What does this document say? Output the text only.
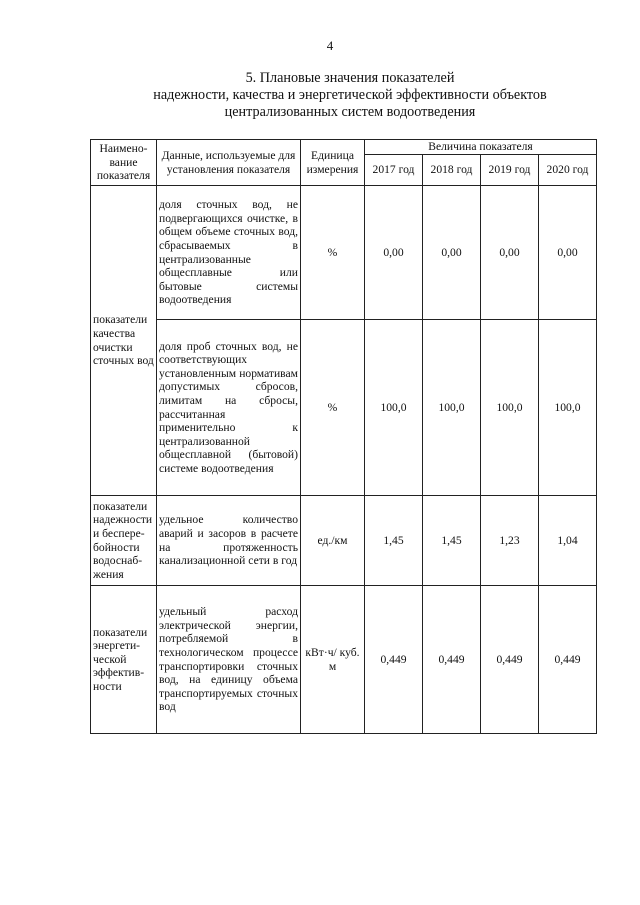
4
5. Плановые значения показателей
надежности, качества и энергетической эффективности объектов
централизованных систем водоотведения
Наимено-вание показателя	Данные, используемые для установления показателя	Единица измерения	Величина показателя			
			2017 год	2018 год	2019 год	2020 год
показатели качества очистки сточных вод	доля сточных вод, не подвергающихся очистке, в общем объеме сточных вод, сбрасываемых в централизованные общесплавные или бытовые системы водоотведения	%	0,00	0,00	0,00	0,00
	доля проб сточных вод, не соответствующих установленным нормативам допустимых сбросов, лимитам на сбросы, рассчитанная применительно к централизованной общесплавной (бытовой) системе водоотведения	%	100,0	100,0	100,0	100,0
показатели надежности и беспере-бойности водоснаб-жения	удельное количество аварий и засоров в расчете на протяженность канализационной сети в год	ед./км	1,45	1,45	1,23	1,04
показатели энергети-ческой эффектив-ности	удельный расход электрической энергии, потребляемой в технологическом процессе транспортировки сточных вод, на единицу объема транспортируемых сточных вод	кВт·ч/ куб. м	0,449	0,449	0,449	0,449
